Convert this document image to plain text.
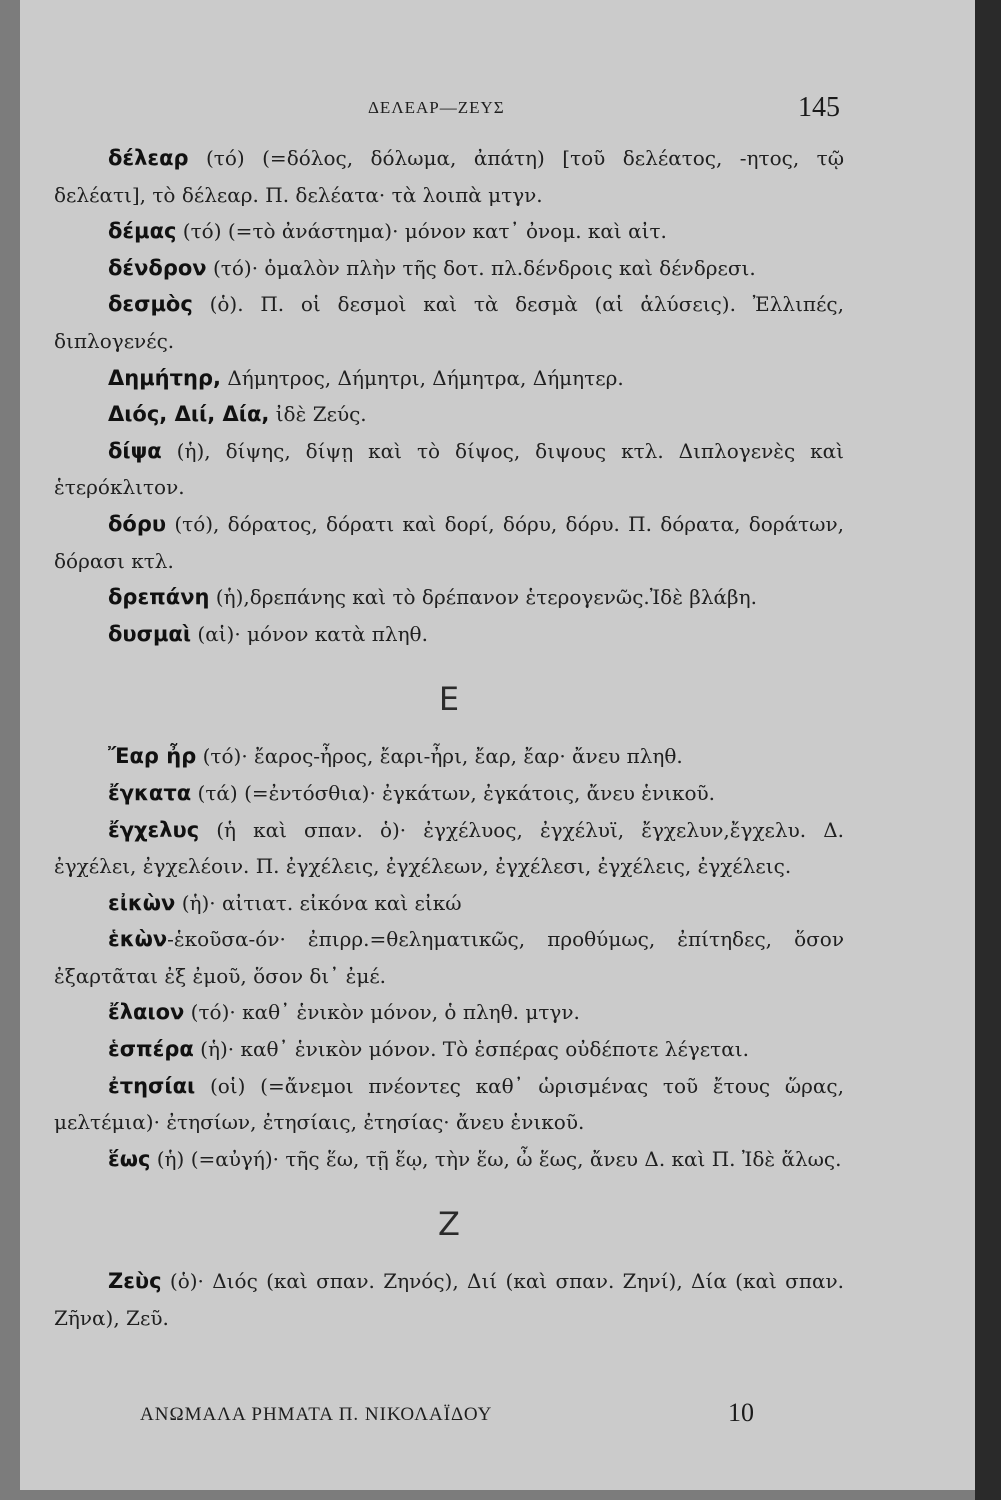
ΔΕΛΕΑΡ—ΖΕΥΣ	145

δέλεαρ (τό) (=δόλος, δόλωμα, ἀπάτη) [τοῦ δελέατος, -ητος, τῷ δελέατι], τὸ δέλεαρ. Π. δελέατα· τὰ λοιπὰ μτγν.

δέμας (τό) (=τὸ ἀνάστημα)· μόνον κατ᾿ ὀνομ. καὶ αἰτ.

δένδρον (τό)· ὁμαλὸν πλὴν τῆς δοτ. πλ.δένδροις καὶ δένδρεσι.

δεσμὸς (ὁ). Π. οἱ δεσμοὶ καὶ τὰ δεσμὰ (αἱ ἁλύσεις). Ἐλλιπές, διπλογενές.

Δημήτηρ, Δήμητρος, Δήμητρι, Δήμητρα, Δήμητερ.

Διός, Διί, Δία, ἰδὲ Ζεύς.

δίψα (ἡ), δίψης, δίψῃ καὶ τὸ δίψος, διψους κτλ. Διπλογενὲς καὶ ἑτερόκλιτον.

δόρυ (τό), δόρατος, δόρατι καὶ δορί, δόρυ, δόρυ. Π. δόρατα, δοράτων, δόρασι κτλ.

δρεπάνη (ἡ),δρεπάνης καὶ τὸ δρέπανον ἑτερογενῶς.Ἰδὲ βλάβη.

δυσμαὶ (αἱ)· μόνον κατὰ πληθ.

Ε

Ἔαρ ἦρ (τό)· ἔαρος-ἦρος, ἔαρι-ἦρι, ἔαρ, ἔαρ· ἄνευ πληθ.

ἔγκατα (τά) (=ἐντόσθια)· ἐγκάτων, ἐγκάτοις, ἄνευ ἑνικοῦ.

ἔγχελυς (ἡ καὶ σπαν. ὁ)· ἐγχέλυος, ἐγχέλυϊ, ἔγχελυν,ἔγχελυ. Δ. ἐγχέλει, ἐγχελέοιν. Π. ἐγχέλεις, ἐγχέλεων, ἐγχέλεσι, ἐγχέλεις, ἐγχέλεις.

εἰκὼν (ἡ)· αἰτιατ. εἰκόνα καὶ εἰκώ

ἑκὼν-ἑκοῦσα-όν· ἐπιρρ.=θεληματικῶς, προθύμως, ἐπίτηδες, ὅσον ἐξαρτᾶται ἐξ ἐμοῦ, ὅσον δι᾿ ἐμέ.

ἔλαιον (τό)· καθ᾿ ἑνικὸν μόνον, ὁ πληθ. μτγν.

ἑσπέρα (ἡ)· καθ᾿ ἑνικὸν μόνον. Τὸ ἑσπέρας οὐδέποτε λέγεται.

ἐτησίαι (οἱ) (=ἄνεμοι πνέοντες καθ᾿ ὡρισμένας τοῦ ἔτους ὥρας, μελτέμια)· ἐτησίων, ἐτησίαις, ἐτησίας· ἄνευ ἑνικοῦ.

ἕως (ἡ) (=αὐγή)· τῆς ἕω, τῇ ἕῳ, τὴν ἕω, ὦ ἕως, ἄνευ Δ. καὶ Π. Ἰδὲ ἅλως.

Ζ

Ζεὺς (ὁ)· Διός (καὶ σπαν. Ζηνός), Διί (καὶ σπαν. Ζηνί), Δία (καὶ σπαν. Ζῆνα), Ζεῦ.

ΑΝΩΜΑΛΑ ΡΗΜΑΤΑ Π. ΝΙΚΟΛΑΪΔΟΥ	10
